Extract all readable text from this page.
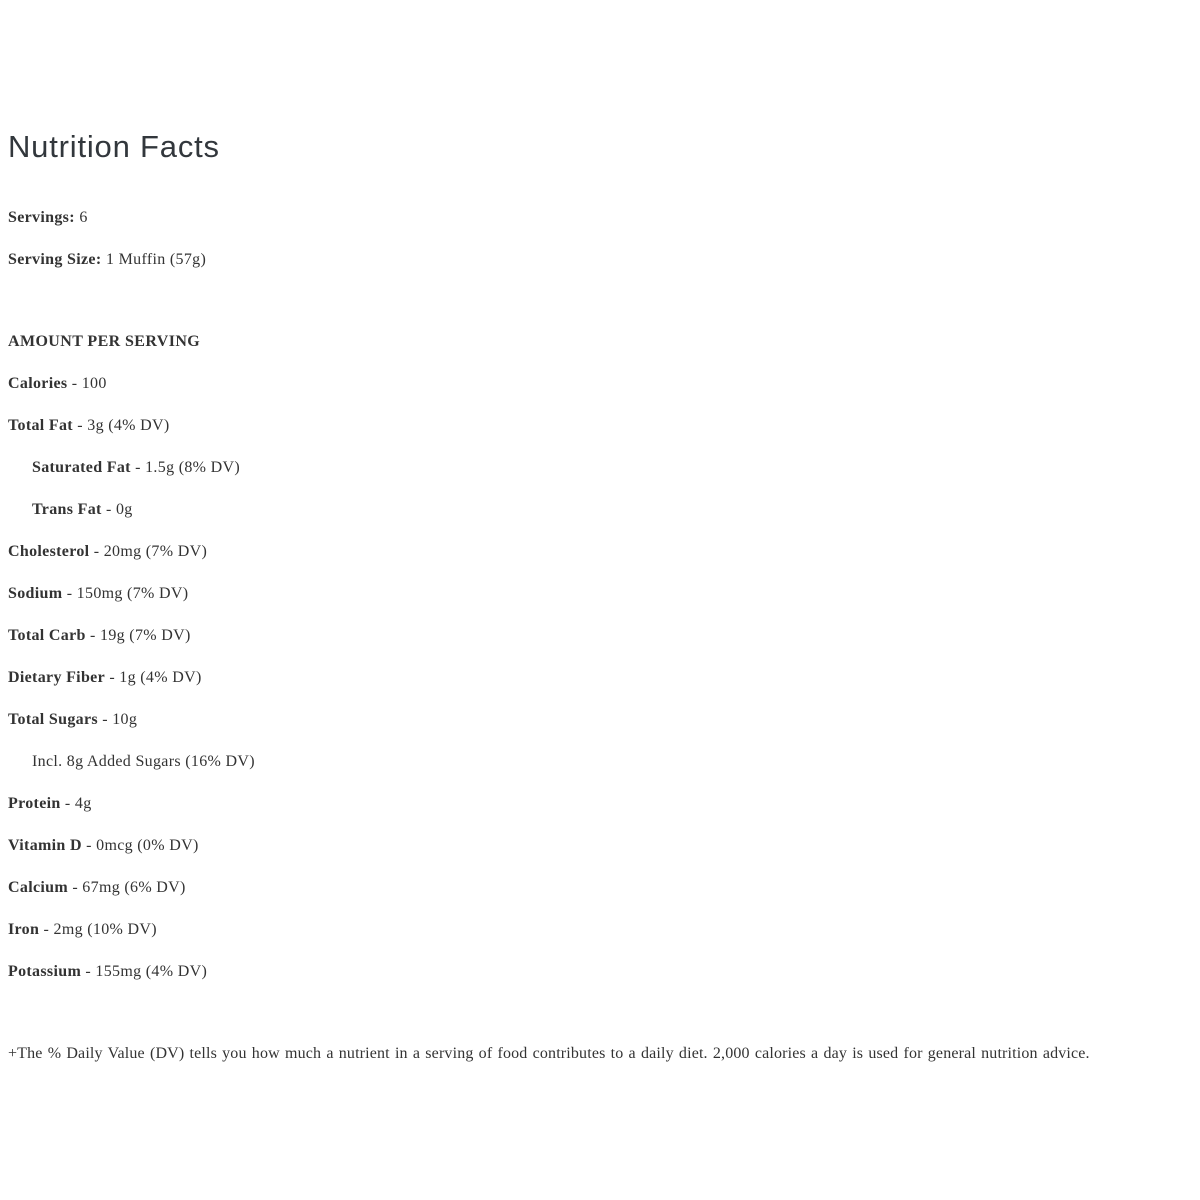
Nutrition Facts

Servings: 6

Serving Size: 1 Muffin (57g)

AMOUNT PER SERVING

Calories - 100

Total Fat - 3g (4% DV)

Saturated Fat - 1.5g (8% DV)

Trans Fat - 0g

Cholesterol - 20mg (7% DV)

Sodium - 150mg (7% DV)

Total Carb - 19g (7% DV)

Dietary Fiber - 1g (4% DV)

Total Sugars - 10g

Incl. 8g Added Sugars (16% DV)

Protein - 4g

Vitamin D - 0mcg (0% DV)

Calcium - 67mg (6% DV)

Iron - 2mg (10% DV)

Potassium - 155mg (4% DV)

+The % Daily Value (DV) tells you how much a nutrient in a serving of food contributes to a daily diet. 2,000 calories a day is used for general nutrition advice.
